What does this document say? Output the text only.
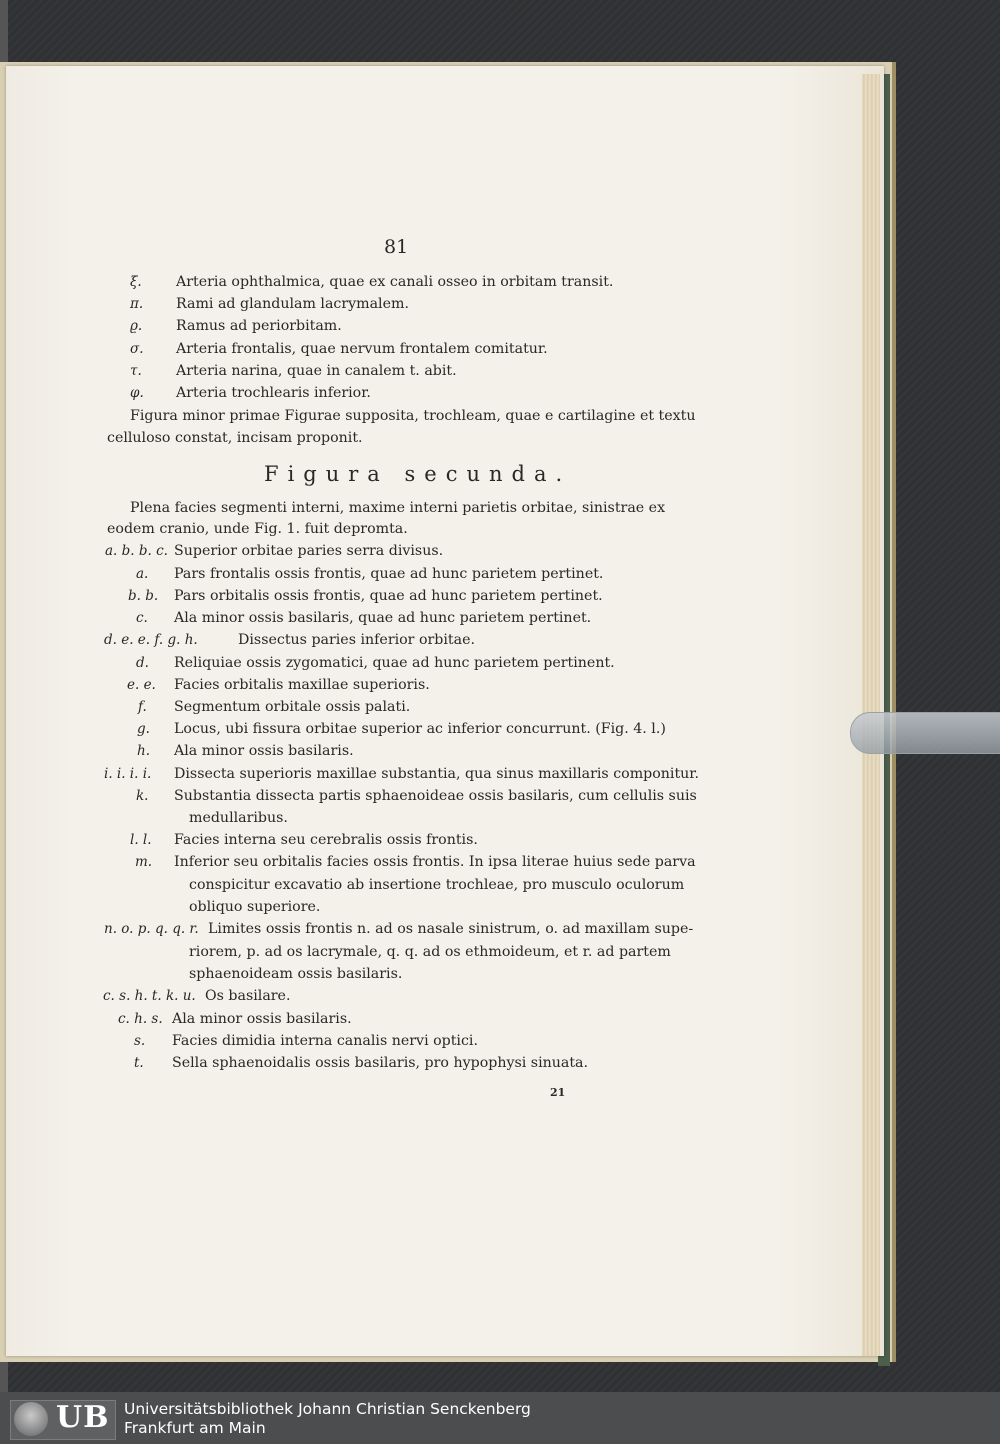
81
ξ. Arteria ophthalmica, quae ex canali osseo in orbitam transit.
π. Rami ad glandulam lacrymalem.
ϱ. Ramus ad periorbitam.
σ. Arteria frontalis, quae nervum frontalem comitatur.
τ. Arteria narina, quae in canalem t. abit.
φ. Arteria trochlearis inferior.
Figura minor primae Figurae supposita, trochleam, quae e cartilagine et textu
celluloso constat, incisam proponit.
Figura secunda.
Plena facies segmenti interni, maxime interni parietis orbitae, sinistrae ex
eodem cranio, unde Fig. 1. fuit depromta.
a. b. b. c. Superior orbitae paries serra divisus.
a. Pars frontalis ossis frontis, quae ad hunc parietem pertinet.
b. b. Pars orbitalis ossis frontis, quae ad hunc parietem pertinet.
c. Ala minor ossis basilaris, quae ad hunc parietem pertinet.
d. e. e. f. g. h.	Dissectus paries inferior orbitae.
d. Reliquiae ossis zygomatici, quae ad hunc parietem pertinent.
e. e. Facies orbitalis maxillae superioris.
f. Segmentum orbitale ossis palati.
g. Locus, ubi fissura orbitae superior ac inferior concurrunt. (Fig. 4. l.)
h. Ala minor ossis basilaris.
i. i. i. i. Dissecta superioris maxillae substantia, qua sinus maxillaris componitur.
k. Substantia dissecta partis sphaenoideae ossis basilaris, cum cellulis suis
medullaribus.
l. l. Facies interna seu cerebralis ossis frontis.
m. Inferior seu orbitalis facies ossis frontis. In ipsa literae huius sede parva
conspicitur excavatio ab insertione trochleae, pro musculo oculorum
obliquo superiore.
n. o. p. q. q. r. Limites ossis frontis n. ad os nasale sinistrum, o. ad maxillam supe-
riorem, p. ad os lacrymale, q. q. ad os ethmoideum, et r. ad partem
sphaenoideam ossis basilaris.
c. s. h. t. k. u. Os basilare.
c. h. s. Ala minor ossis basilaris.
s. Facies dimidia interna canalis nervi optici.
t. Sella sphaenoidalis ossis basilaris, pro hypophysi sinuata.
21
UB Universitätsbibliothek Johann Christian Senckenberg
Frankfurt am Main
